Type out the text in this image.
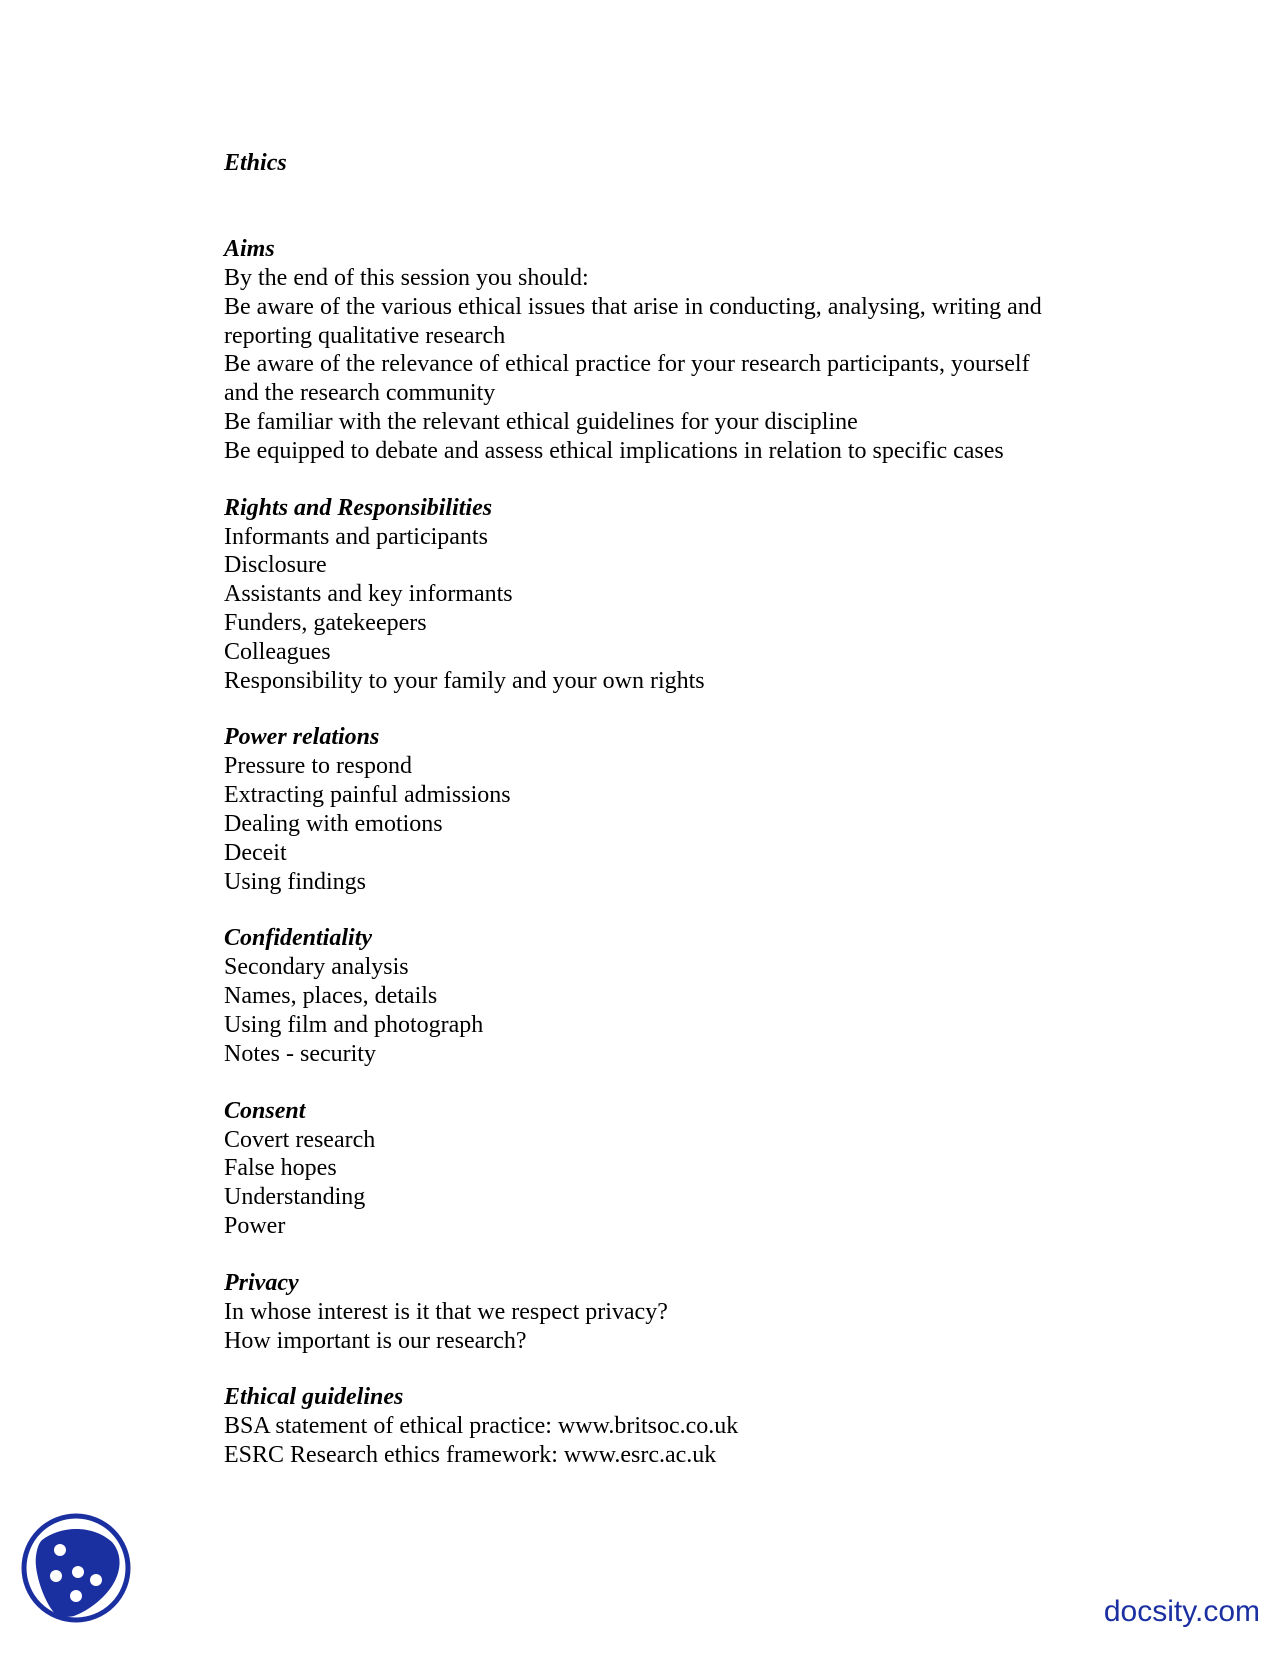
Ethics
Aims
By the end of this session you should:
Be aware of the various ethical issues that arise in conducting, analysing, writing and
reporting qualitative research
Be aware of the relevance of ethical practice for your research participants, yourself
and the research community
Be familiar with the relevant ethical guidelines for your discipline
Be equipped to debate and assess ethical implications in relation to specific cases
Rights and Responsibilities
Informants and participants
Disclosure
Assistants and key informants
Funders, gatekeepers
Colleagues
Responsibility to your family and your own rights
Power relations
Pressure to respond
Extracting painful admissions
Dealing with emotions
Deceit
Using findings
Confidentiality
Secondary analysis
Names, places, details
Using film and photograph
Notes - security
Consent
Covert research
False hopes
Understanding
Power
Privacy
In whose interest is it that we respect privacy?
How important is our research?
Ethical guidelines
BSA statement of ethical practice: www.britsoc.co.uk
ESRC Research ethics framework: www.esrc.ac.uk
docsity.com
